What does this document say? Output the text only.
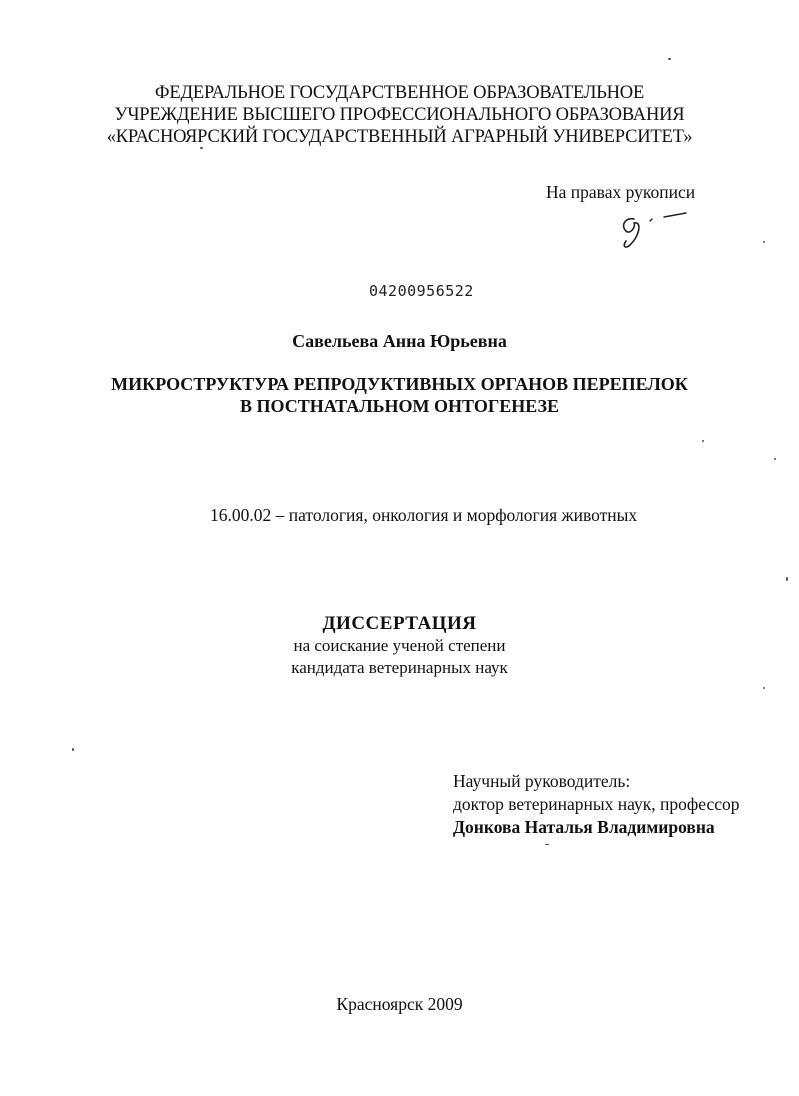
ФЕДЕРАЛЬНОЕ ГОСУДАРСТВЕННОЕ ОБРАЗОВАТЕЛЬНОЕ
УЧРЕЖДЕНИЕ ВЫСШЕГО ПРОФЕССИОНАЛЬНОГО ОБРАЗОВАНИЯ
«КРАСНОЯРСКИЙ ГОСУДАРСТВЕННЫЙ АГРАРНЫЙ УНИВЕРСИТЕТ»
На правах рукописи
04200956522
Савельева Анна Юрьевна
МИКРОСТРУКТУРА РЕПРОДУКТИВНЫХ ОРГАНОВ ПЕРЕПЕЛОК
В ПОСТНАТАЛЬНОМ ОНТОГЕНЕЗЕ
16.00.02 – патология, онкология и морфология животных
ДИССЕРТАЦИЯ
на соискание ученой степени
кандидата ветеринарных наук
Научный руководитель:
доктор ветеринарных наук, профессор
Донкова Наталья Владимировна
Красноярск 2009
